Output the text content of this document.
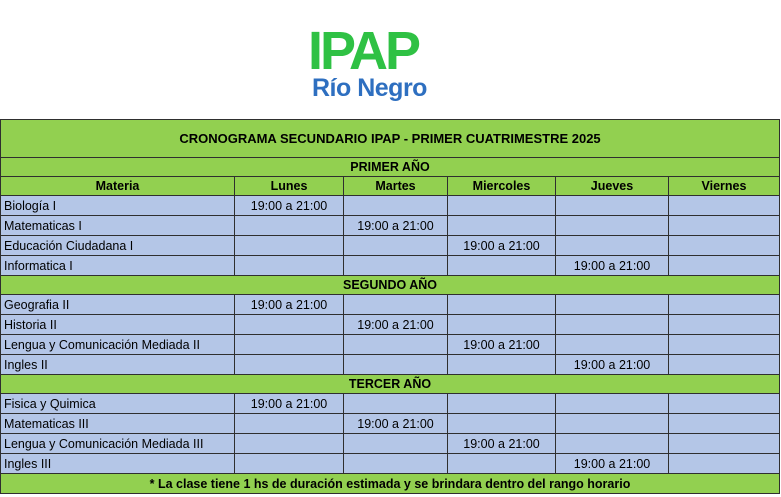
IPAP
Río Negro
CRONOGRAMA SECUNDARIO IPAP - PRIMER CUATRIMESTRE 2025					
PRIMER AÑO					
Materia	Lunes	Martes	Miercoles	Jueves	Viernes
Biología I	19:00 a 21:00				
Matematicas I		19:00 a 21:00			
Educación Ciudadana I			19:00 a 21:00		
Informatica I				19:00 a 21:00	
SEGUNDO AÑO					
Geografia II	19:00 a 21:00				
Historia II		19:00 a 21:00			
Lengua y Comunicación Mediada II			19:00 a 21:00		
Ingles II				19:00 a 21:00	
TERCER AÑO					
Fisica y Quimica	19:00 a 21:00				
Matematicas III		19:00 a 21:00			
Lengua y Comunicación Mediada III			19:00 a 21:00		
Ingles III				19:00 a 21:00	
* La clase tiene 1 hs de duración estimada y se brindara dentro del rango horario					
